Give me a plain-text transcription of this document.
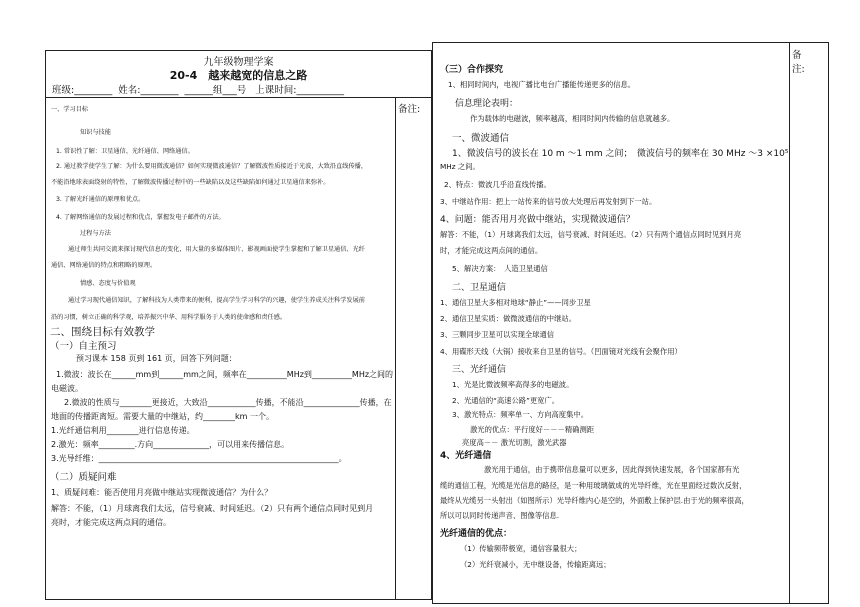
九年级物理学案
20-4　越来越宽的信息之路
班级:________  姓名:________  ______组___号   上课时间:__________
备注:
一、学习目标
知识与技能
1. 常识性了解：卫星通信、光纤通信、网络通信。
2. 通过教学使学生了解：为什么要用微波通信？如何实现微波通信？了解微波性质接近于光波，大致沿直线传播，
不能沿地球表面绕射的特性，了解微波传播过程中的一些缺陷以及这些缺陷如何通过卫星通信来弥补。
3. 了解光纤通信的原理和优点。
4. 了解网络通信的发展过程和优点，掌握发电子邮件的方法。
过程与方法
通过师生共同交流来探讨现代信息的变化，用大量的多媒体图片、影视画面使学生掌握和了解卫星通信、光纤
通信、网络通信的特点和粗略的原理。
情感、态度与价值观
通过学习现代通信知识，了解科技为人类带来的便利，提高学生学习科学的兴趣，使学生养成关注科学发展前
沿的习惯，树立正确的科学观，培养振兴中华、用科学服务于人类的使命感和责任感。
二、围绕目标有效教学
（一）自主预习
预习课本 158 页到 161 页，回答下列问题：
1.微波：波长在______mm到______mm之间，频率在__________MHz到__________MHz之间的
电磁波。
2.微波的性质与________更接近，大致沿____________传播，不能沿______________传播，在
地面的传播距离短。需要大量的中继站，约________km 一个。
1.光纤通信利用________进行信息传递。
2.激光：频率_________.方向______________，可以用来传播信息。
3.光导纤维：____________________________________________________________。
（二）质疑问难
1、质疑问难：能否使用月亮做中继站实现微波通信？为什么？
解答：不能，（1）月球离我们太远，信号衰减、时间延迟。（2）只有两个通信点同时见到月
亮时，才能完成这两点间的通信。
备
注:
（三）合作探究
1、相同时间内，电视广播比电台广播能传递更多的信息。
信息理论表明：
作为载体的电磁波，频率越高，相同时间内传输的信息就越多。
一、微波通信
1、微波信号的波长在 10 m ～1 mm 之间；　微波信号的频率在 30 MHz ～3 ×10⁵
MHz 之间。
2、特点：微波几乎沿直线传播。
3、中继站作用：把上一站传来的信号放大处理后再发射到下一站。
4、问题：能否用月亮做中继站，实现微波通信？
解答：不能，（1）月球离我们太远，信号衰减、时间延迟。（2）只有两个通信点同时见到月亮
时，才能完成这两点间的通信。
5、解决方案：　人造卫星通信
二、卫星通信
1、通信卫星大多相对地球“静止”——同步卫星
2、通信卫星实质：做微波通信的中继站。
3、三颗同步卫星可以实现全球通信
4、用碟形天线（大锅）接收来自卫星的信号。（凹面镜对光线有会聚作用）
三、光纤通信
1、光是比微波频率高得多的电磁波。
2、光通信的“高速公路”更宽广。
3、激光特点：频率单一、方向高度集中。
激光的优点：平行度好－－－精确测距
亮度高－－ 激光切割，激光武器
4、光纤通信
激光用于通信，由于携带信息量可以更多，因此得到快速发展，各个国家都有光
缆的通信工程，光缆是光信息的路径，是一种用玻璃做成的光导纤维，光在里面经过数次反射，
最终从光缆另一头射出（如图所示）光导纤维内心是空的，外面敷上保护层.由于光的频率很高，
所以可以同时传递声音、图像等信息.
光纤通信的优点：
（1）传输频带极宽，通信容量很大；
（2）光纤衰减小，无中继设备，传输距离远；
